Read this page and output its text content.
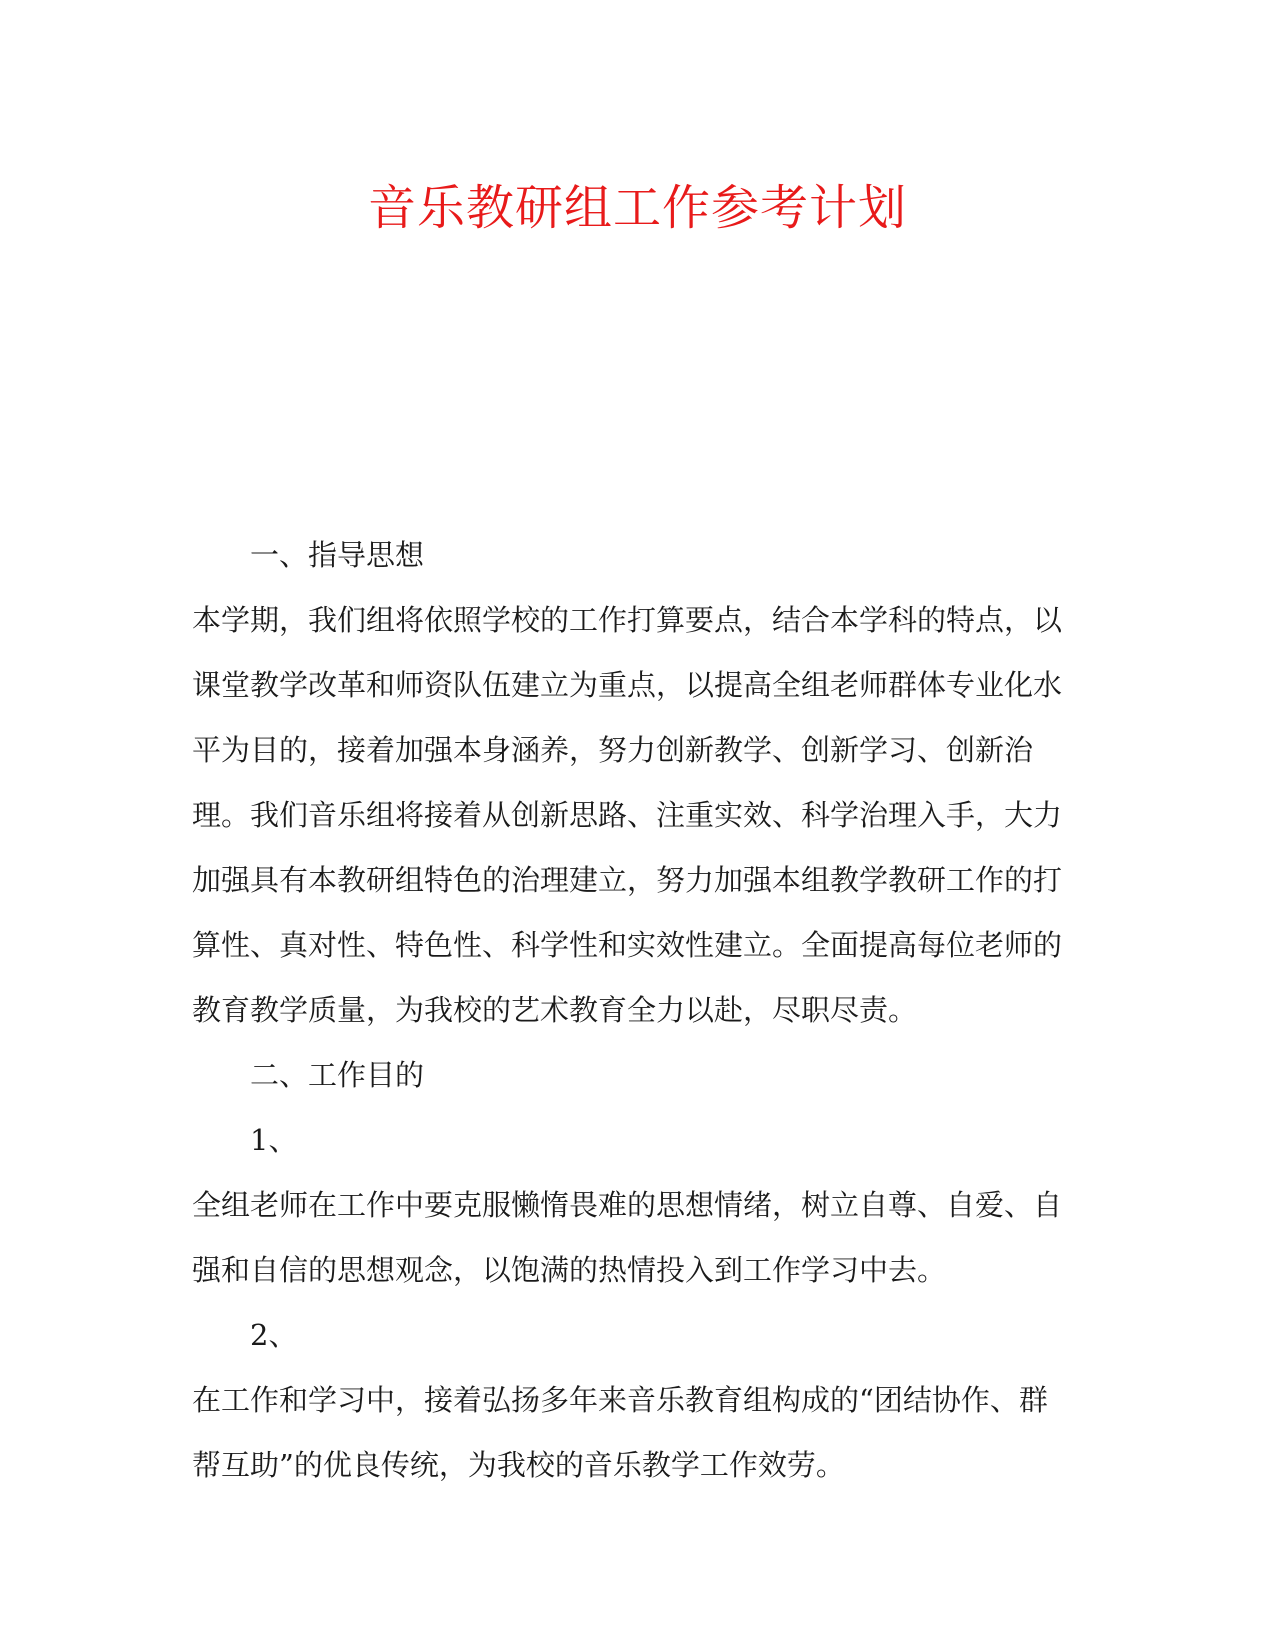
音乐教研组工作参考计划

一、指导思想

本学期，我们组将依照学校的工作打算要点，结合本学科的特点，以课堂教学改革和师资队伍建立为重点，以提高全组老师群体专业化水平为目的，接着加强本身涵养，努力创新教学、创新学习、创新治理。我们音乐组将接着从创新思路、注重实效、科学治理入手，大力加强具有本教研组特色的治理建立，努力加强本组教学教研工作的打算性、真对性、特色性、科学性和实效性建立。全面提高每位老师的教育教学质量，为我校的艺术教育全力以赴，尽职尽责。

二、工作目的

1、

全组老师在工作中要克服懒惰畏难的思想情绪，树立自尊、自爱、自强和自信的思想观念，以饱满的热情投入到工作学习中去。

2、

在工作和学习中，接着弘扬多年来音乐教育组构成的“团结协作、群帮互助”的优良传统，为我校的音乐教学工作效劳。
